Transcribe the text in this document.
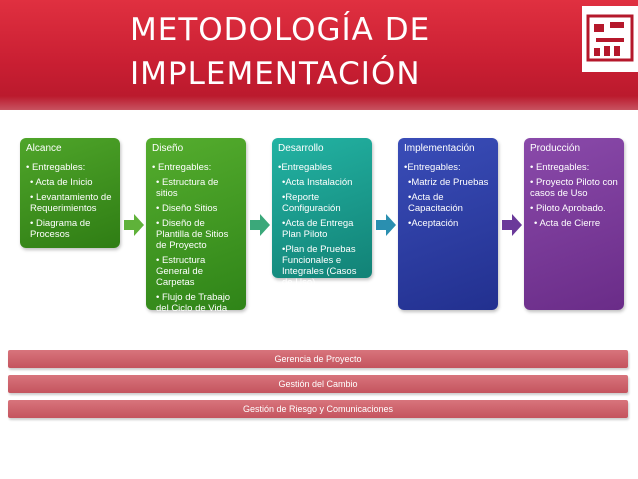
METODOLOGÍA DE
IMPLEMENTACIÓN
Alcance
• Entregables:
• Acta de Inicio
• Levantamiento de Requerimientos
• Diagrama de Procesos
Diseño
• Entregables:
• Estructura de sitios
• Diseño Sitios
• Diseño de Plantilla de Sitios de Proyecto
• Estructura General de Carpetas
• Flujo de Trabajo del Ciclo de Vida de Proyectos
Desarrollo
•Entregables
•Acta Instalación
•Reporte Configuración
•Acta de Entrega Plan Piloto
•Plan de Pruebas Funcionales e Integrales (Casos de Uso)
Implementación
•Entregables:
•Matriz de Pruebas
•Acta de Capacitación
•Aceptación
Producción
• Entregables:
• Proyecto Piloto con casos de Uso
• Piloto Aprobado.
• Acta de Cierre
Gerencia de Proyecto
Gestión del Cambio
Gestión de Riesgo y Comunicaciones
